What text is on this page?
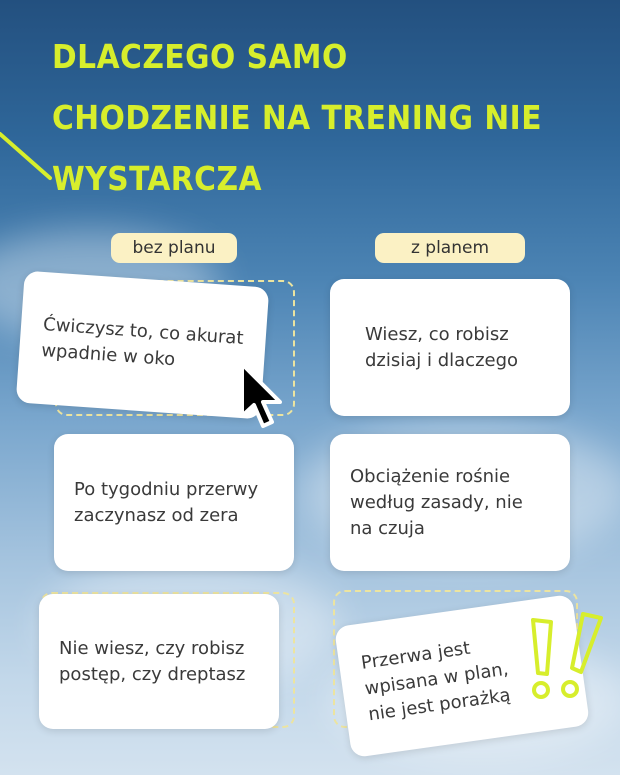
DLACZEGO SAMO
CHODZENIE NA TRENING NIE
WYSTARCZA
bez planu	z planem
Ćwiczysz to, co akurat wpadnie w oko
Po tygodniu przerwy zaczynasz od zera
Nie wiesz, czy robisz postęp, czy dreptasz
Wiesz, co robisz dzisiaj i dlaczego
Obciążenie rośnie według zasady, nie na czuja
Przerwa jest wpisana w plan, nie jest porażką
